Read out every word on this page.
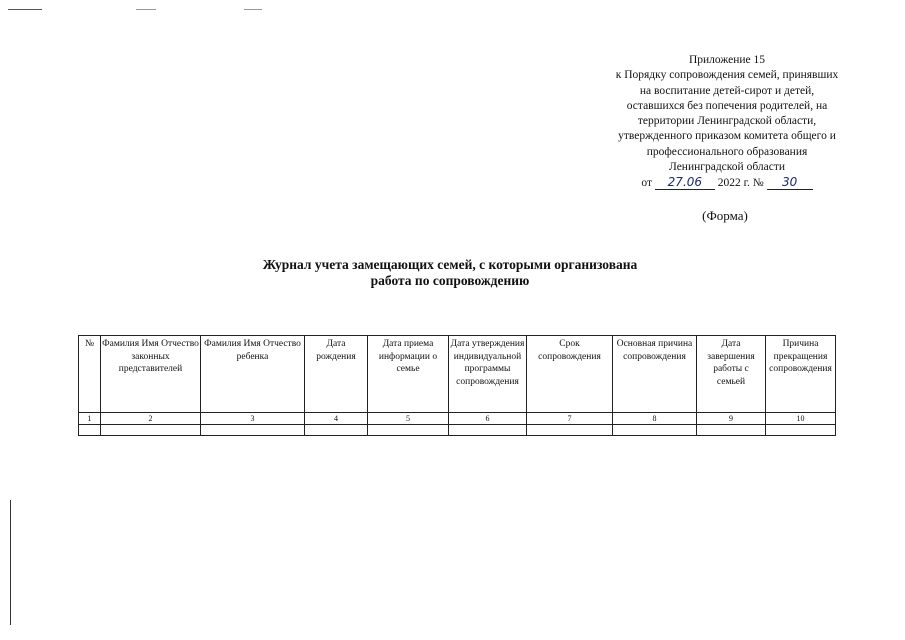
Приложение 15
к Порядку сопровождения семей, принявших
на воспитание детей-сирот и детей,
оставшихся без попечения родителей, на
территории Ленинградской области,
утвержденного приказом комитета общего и
профессионального образования
Ленинградской области
от 27.06 2022 г. № 30
(Форма)
Журнал учета замещающих семей, с которыми организована
работа по сопровождению
№	Фамилия Имя Отчество законных представителей	Фамилия Имя Отчество ребенка	Дата рождения	Дата приема информации о семье	Дата утверждения индивидуальной программы сопровождения	Срок сопровождения	Основная причина сопровождения	Дата завершения работы с семьей	Причина прекращения сопровождения
1	2	3	4	5	6	7	8	9	10
